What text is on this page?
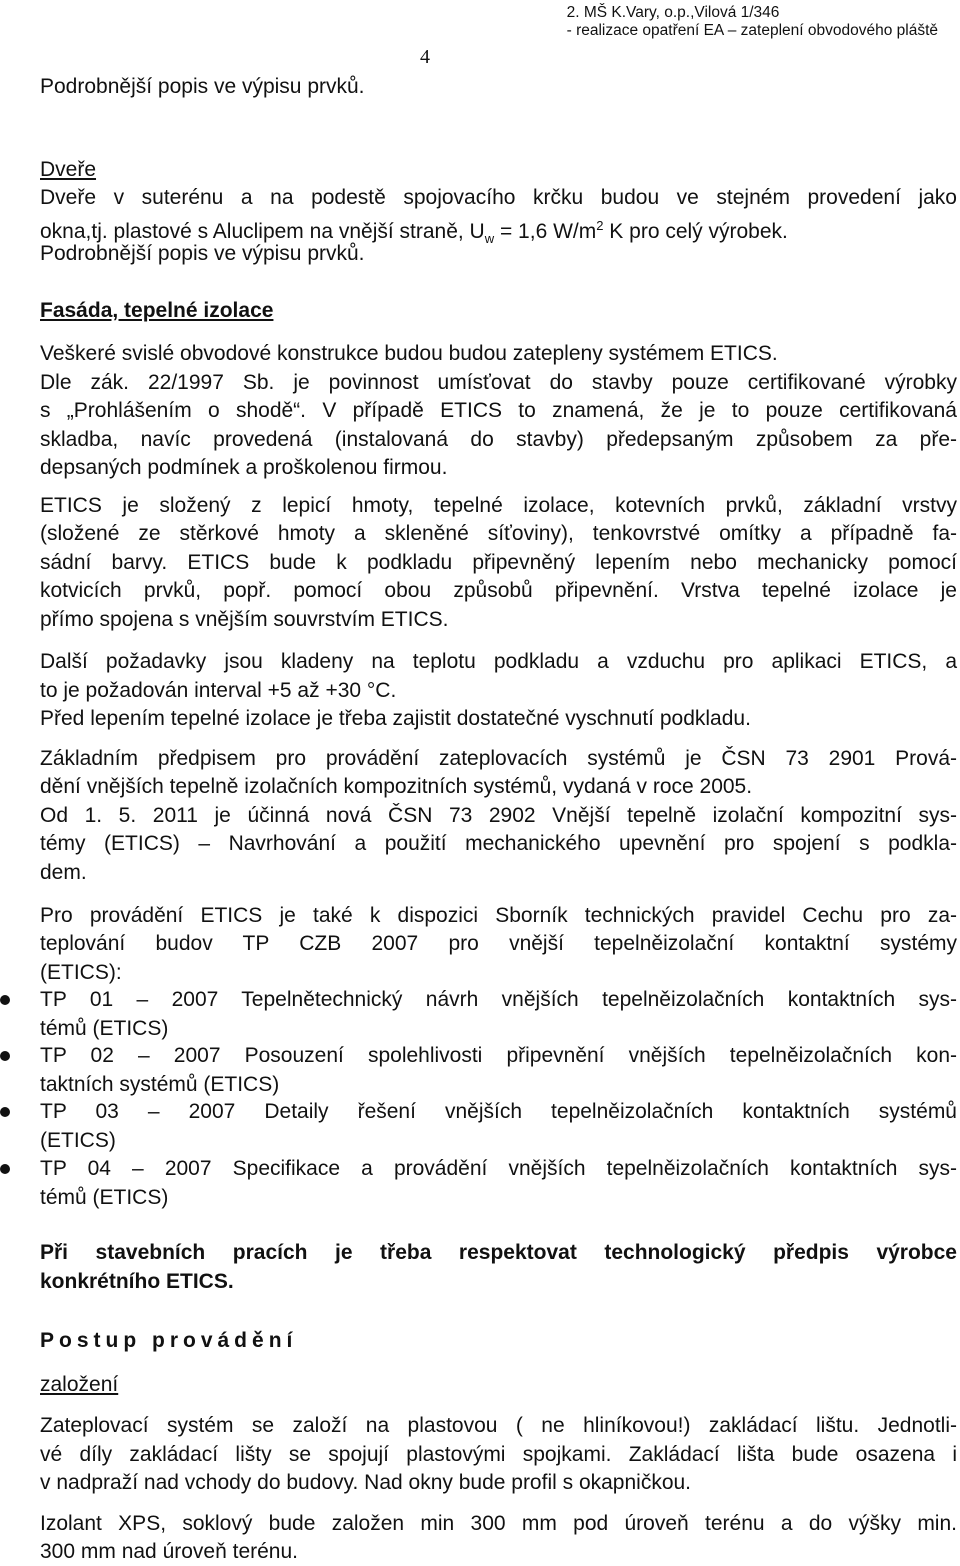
2. MŠ K.Vary, o.p.,Vilová 1/346
- realizace opatření EA – zateplení obvodového pláště
4
Podrobnější popis ve výpisu prvků.
Dveře
Dveře v suterénu a na podestě spojovacího krčku budou ve stejném provedení jako
okna,tj. plastové s Aluclipem na vnější straně, $U_w = 1,6$ $W/m^2$ K pro celý výrobek.
Podrobnější popis ve výpisu prvků.
Fasáda, tepelné izolace
Veškeré svislé obvodové konstrukce budou budou zatepleny systémem ETICS.
Dle zák. 22/1997 Sb. je povinnost umísťovat do stavby pouze certifikované výrobky
s „Prohlášením o shodě“. V případě ETICS to znamená, že je to pouze certifikovaná
skladba, navíc provedená (instalovaná do stavby) předepsaným způsobem za pře-
depsaných podmínek a proškolenou firmou.
ETICS je složený z lepicí hmoty, tepelné izolace, kotevních prvků, základní vrstvy
(složené ze stěrkové hmoty a skleněné síťoviny), tenkovrstvé omítky a případně fa-
sádní barvy. ETICS bude k podkladu připevněný lepením nebo mechanicky pomocí
kotvicích prvků, popř. pomocí obou způsobů připevnění. Vrstva tepelné izolace je
přímo spojena s vnějším souvrstvím ETICS.
Další požadavky jsou kladeny na teplotu podkladu a vzduchu pro aplikaci ETICS, a
to je požadován interval +5 až +30 °C.
Před lepením tepelné izolace je třeba zajistit dostatečné vyschnutí podkladu.
Základním předpisem pro provádění zateplovacích systémů je ČSN 73 2901 Prová-
dění vnějších tepelně izolačních kompozitních systémů, vydaná v roce 2005.
Od 1. 5. 2011 je účinná nová ČSN 73 2902 Vnější tepelně izolační kompozitní sys-
témy (ETICS) – Navrhování a použití mechanického upevnění pro spojení s podkla-
dem.
Pro provádění ETICS je také k dispozici Sborník technických pravidel Cechu pro za-
teplování budov TP CZB 2007 pro vnější tepelněizolační kontaktní systémy
(ETICS):
TP 01 – 2007 Tepelnětechnický návrh vnějších tepelněizolačních kontaktních sys-
témů (ETICS)
TP 02 – 2007 Posouzení spolehlivosti připevnění vnějších tepelněizolačních kon-
taktních systémů (ETICS)
TP 03 – 2007 Detaily řešení vnějších tepelněizolačních kontaktních systémů
(ETICS)
TP 04 – 2007 Specifikace a provádění vnějších tepelněizolačních kontaktních sys-
témů (ETICS)
Při stavebních pracích je třeba respektovat technologický předpis výrobce
konkrétního ETICS.
Postup provádění
založení
Zateplovací systém se založí na plastovou ( ne hliníkovou!) zakládací lištu. Jednotli-
vé díly zakládací lišty se spojují plastovými spojkami. Zakládací lišta bude osazena i
v nadpraží nad vchody do budovy. Nad okny bude profil s okapničkou.
Izolant XPS, soklový bude založen min 300 mm pod úroveň terénu a do výšky min.
300 mm nad úroveň terénu.
